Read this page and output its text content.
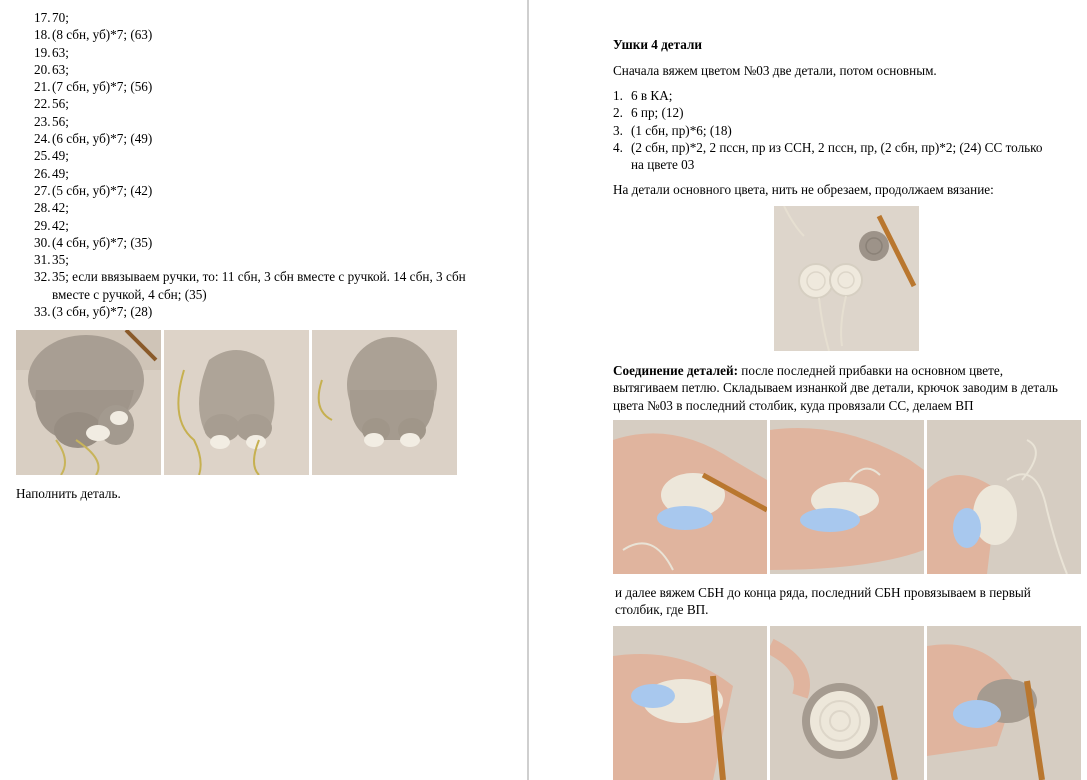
17. 70;
18. (8 сбн, уб)*7; (63)
19. 63;
20. 63;
21. (7 сбн, уб)*7; (56)
22. 56;
23. 56;
24. (6 сбн, уб)*7; (49)
25. 49;
26. 49;
27. (5 сбн, уб)*7; (42)
28. 42;
29. 42;
30. (4 сбн, уб)*7; (35)
31. 35;
32. 35; если ввязываем ручки, то: 11 сбн, 3 сбн вместе с ручкой. 14 сбн, 3 сбн вместе с ручкой, 4 сбн; (35)
33. (3 сбн, уб)*7; (28)
Наполнить деталь.
Ушки 4 детали
Сначала вяжем цветом №03 две детали, потом основным.
1. 6 в КА;
2. 6 пр; (12)
3. (1 сбн, пр)*6; (18)
4. (2 сбн, пр)*2, 2 пссн, пр из ССН, 2 пссн, пр, (2 сбн, пр)*2; (24) СС только на цвете 03
На детали основного цвета, нить не обрезаем, продолжаем вязание:
Соединение деталей: после последней прибавки на основном цвете, вытягиваем петлю. Складываем изнанкой две детали, крючок заводим в деталь цвета №03 в последний столбик, куда провязали СС, делаем ВП
и далее вяжем СБН до конца ряда, последний СБН провязываем в первый столбик, где ВП.
